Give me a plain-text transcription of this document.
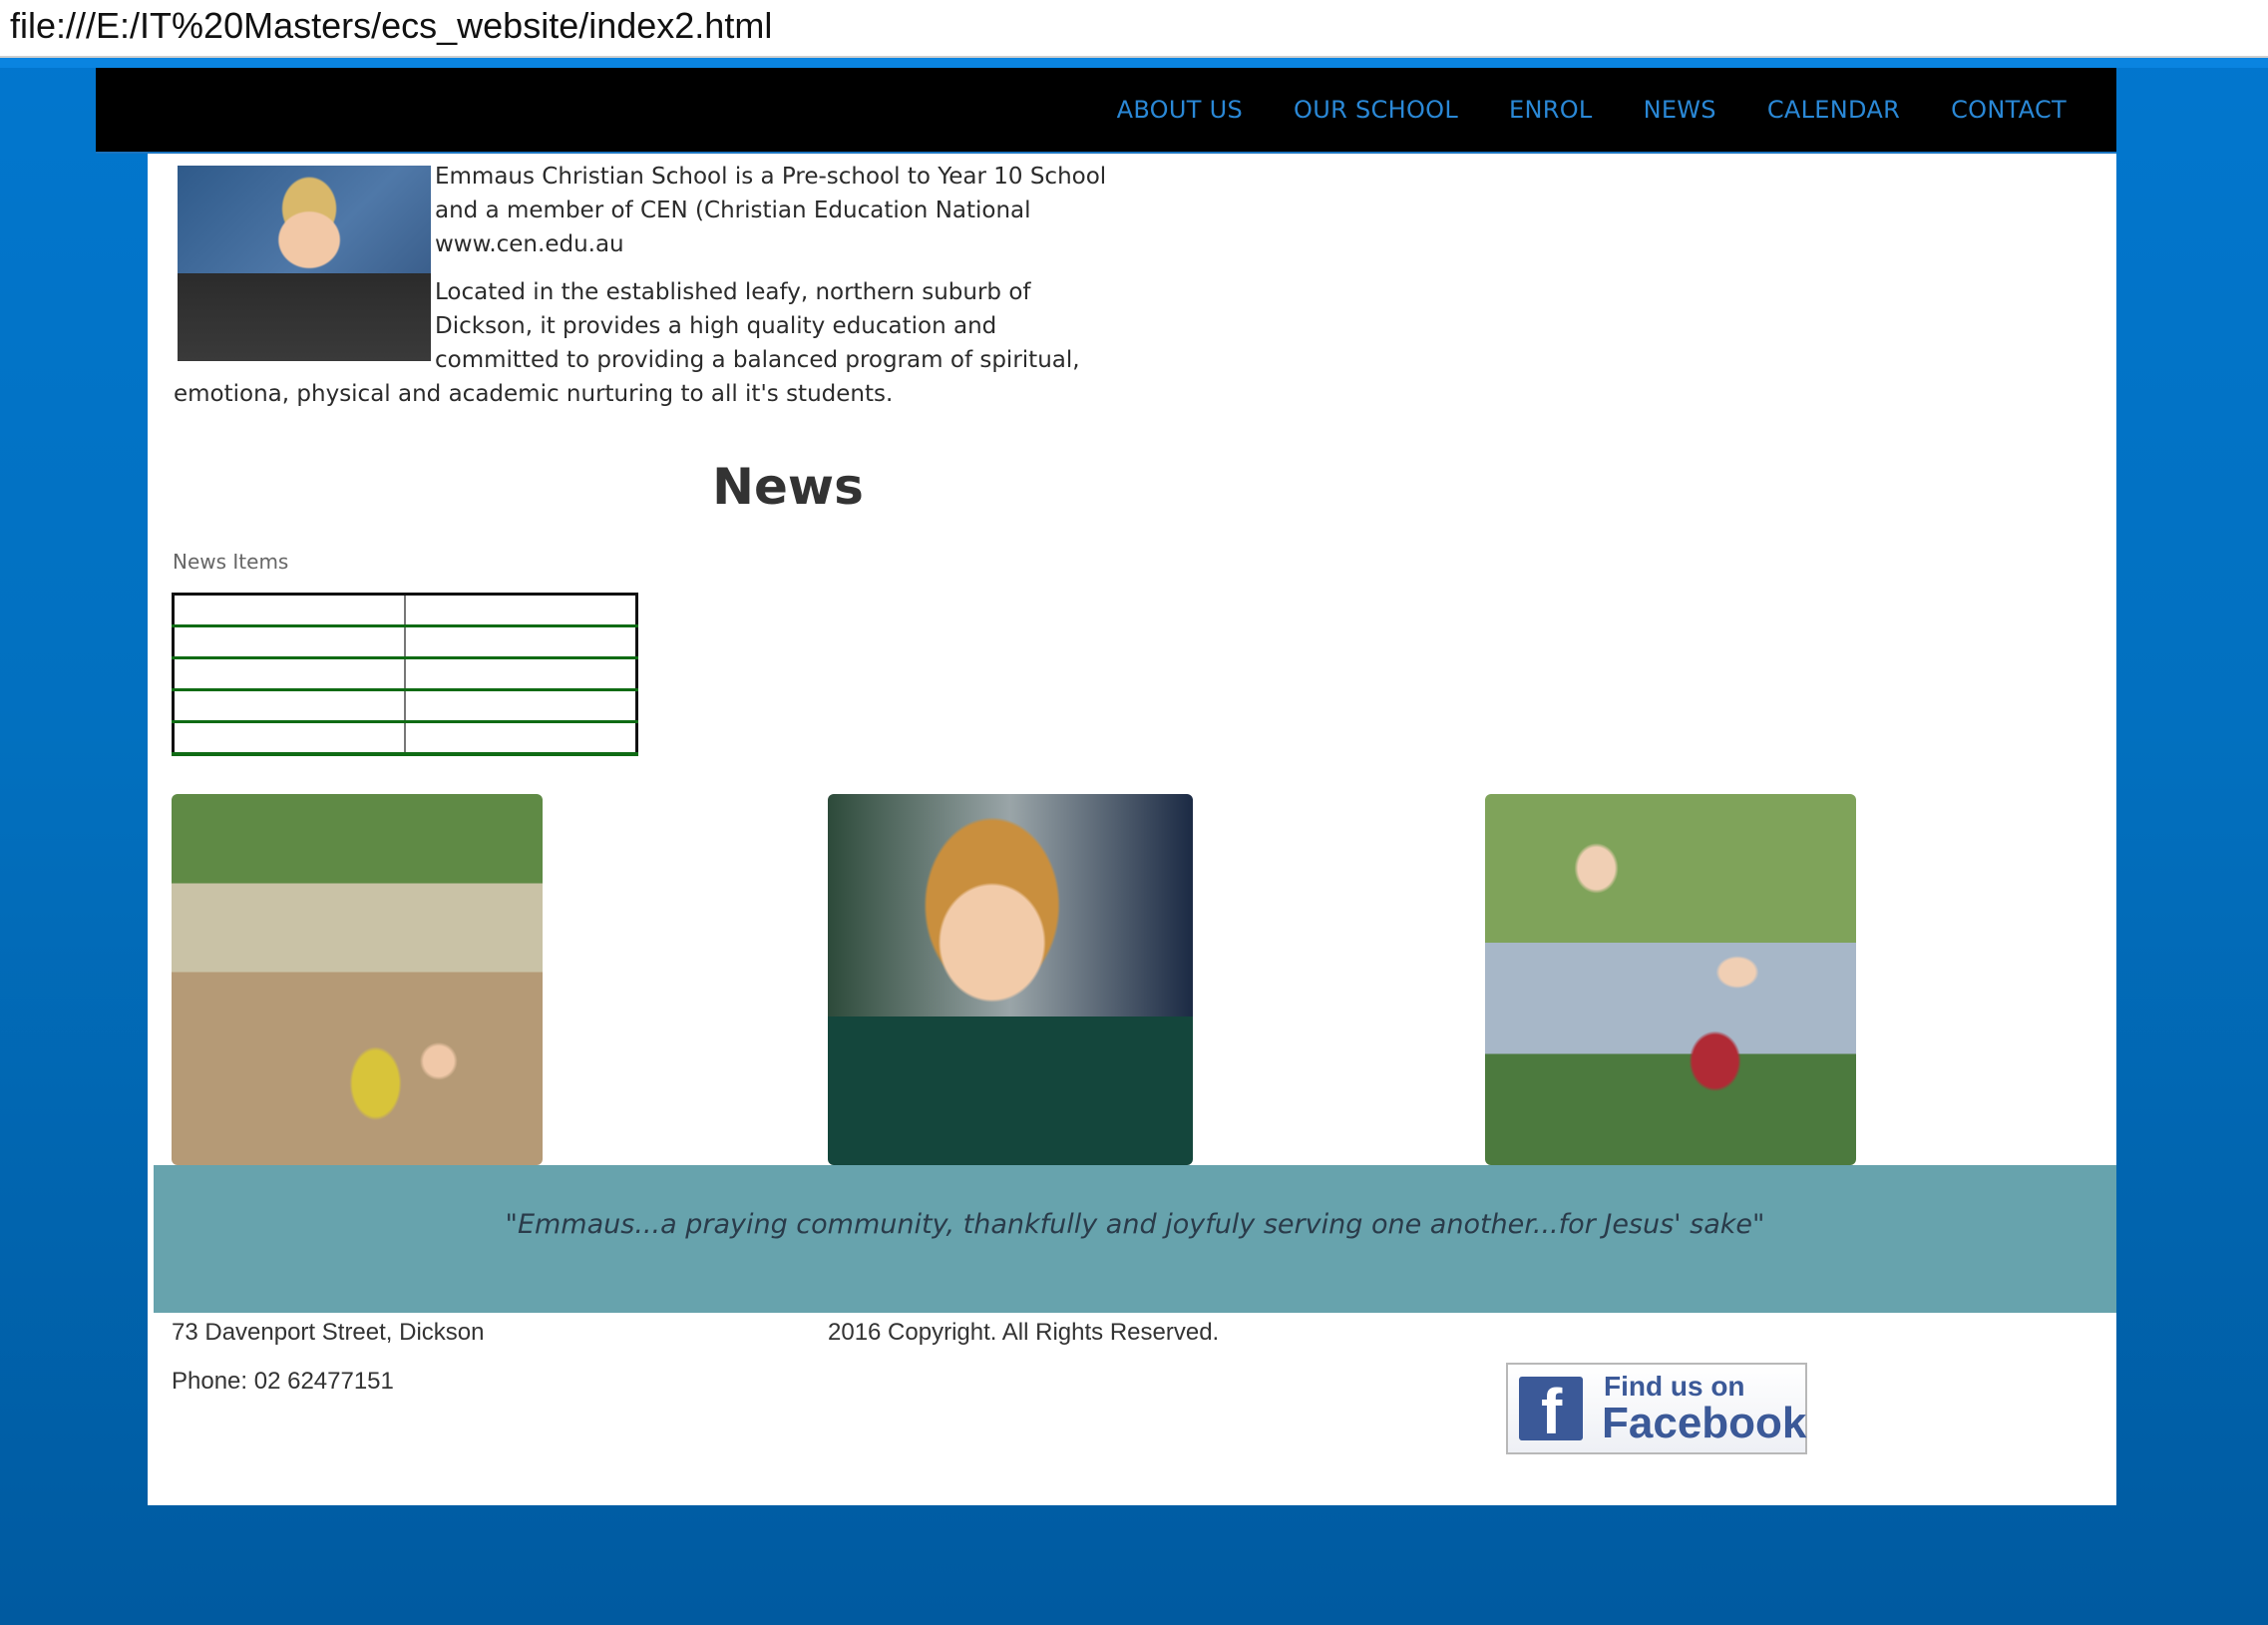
file:///E:/IT%20Masters/ecs_website/index2.html
ABOUT US OUR SCHOOL ENROL NEWS CALENDAR CONTACT

Emmaus Christian School is a Pre-school to Year 10 School and a member of CEN (Christian Education National www.cen.edu.au

Located in the established leafy, northern suburb of Dickson, it provides a high quality education and committed to providing a balanced program of spiritual, emotiona, physical and academic nurturing to all it's students.

News
News Items

"Emmaus...a praying community, thankfully and joyfuly serving one another...for Jesus' sake"

73 Davenport Street, Dickson

Phone: 02 62477151

2016 Copyright. All Rights Reserved.
f Find us on
Facebook
